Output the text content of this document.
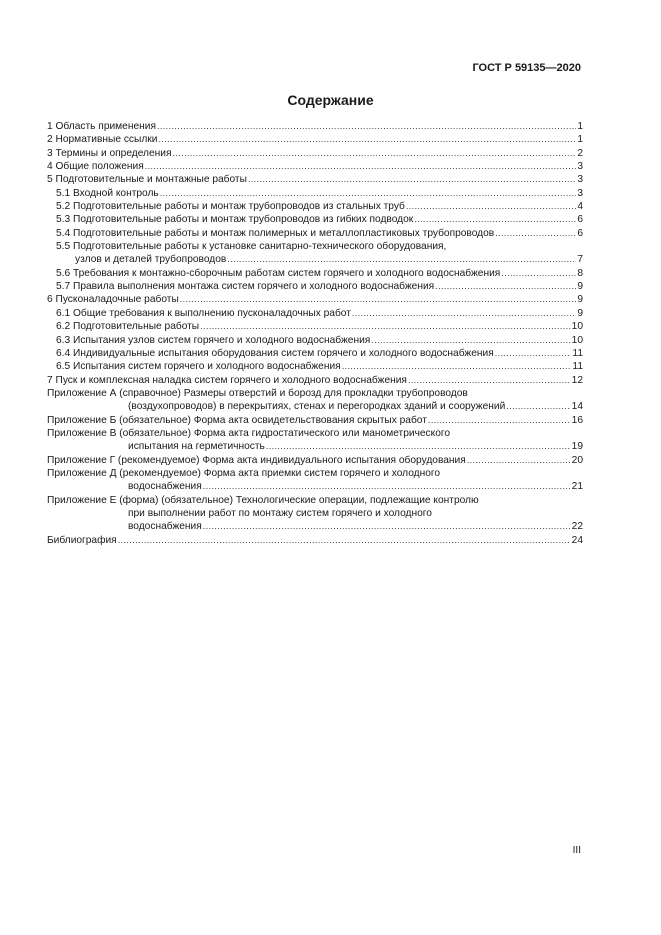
ГОСТ Р 59135—2020
Содержание
1 Область применения .....	1
2 Нормативные ссылки .....	1
3 Термины и определения .....	2
4 Общие положения .....	3
5 Подготовительные и монтажные работы .....	3
5.1 Входной контроль .....	3
5.2 Подготовительные работы и монтаж трубопроводов из стальных труб .....	4
5.3 Подготовительные работы и монтаж трубопроводов из гибких подводок .....	6
5.4 Подготовительные работы и монтаж полимерных и металлопластиковых трубопроводов .....	6
5.5 Подготовительные работы к установке санитарно-технического оборудования,
узлов и деталей трубопроводов .....	7
5.6 Требования к монтажно-сборочным работам систем горячего и холодного водоснабжения .....	8
5.7 Правила выполнения монтажа систем горячего и холодного водоснабжения .....	9
6 Пусконаладочные работы .....	9
6.1 Общие требования к выполнению пусконаладочных работ .....	9
6.2 Подготовительные работы .....	10
6.3 Испытания узлов систем горячего и холодного водоснабжения .....	10
6.4 Индивидуальные испытания оборудования систем горячего и холодного водоснабжения .....	11
6.5 Испытания систем горячего и холодного водоснабжения .....	11
7 Пуск и комплексная наладка систем горячего и холодного водоснабжения .....	12
Приложение А (справочное) Размеры отверстий и борозд для прокладки трубопроводов
(воздухопроводов) в перекрытиях, стенах и перегородках зданий и сооружений .....	14
Приложение Б (обязательное) Форма акта освидетельствования скрытых работ .....	16
Приложение В (обязательное) Форма акта гидростатического или манометрического
испытания на герметичность .....	19
Приложение Г (рекомендуемое) Форма акта индивидуального испытания оборудования .....	20
Приложение Д (рекомендуемое) Форма акта приемки систем горячего и холодного
водоснабжения .....	21
Приложение Е (форма) (обязательное) Технологические операции, подлежащие контролю
при выполнении работ по монтажу систем горячего и холодного
водоснабжения .....	22
Библиография .....	24
III
